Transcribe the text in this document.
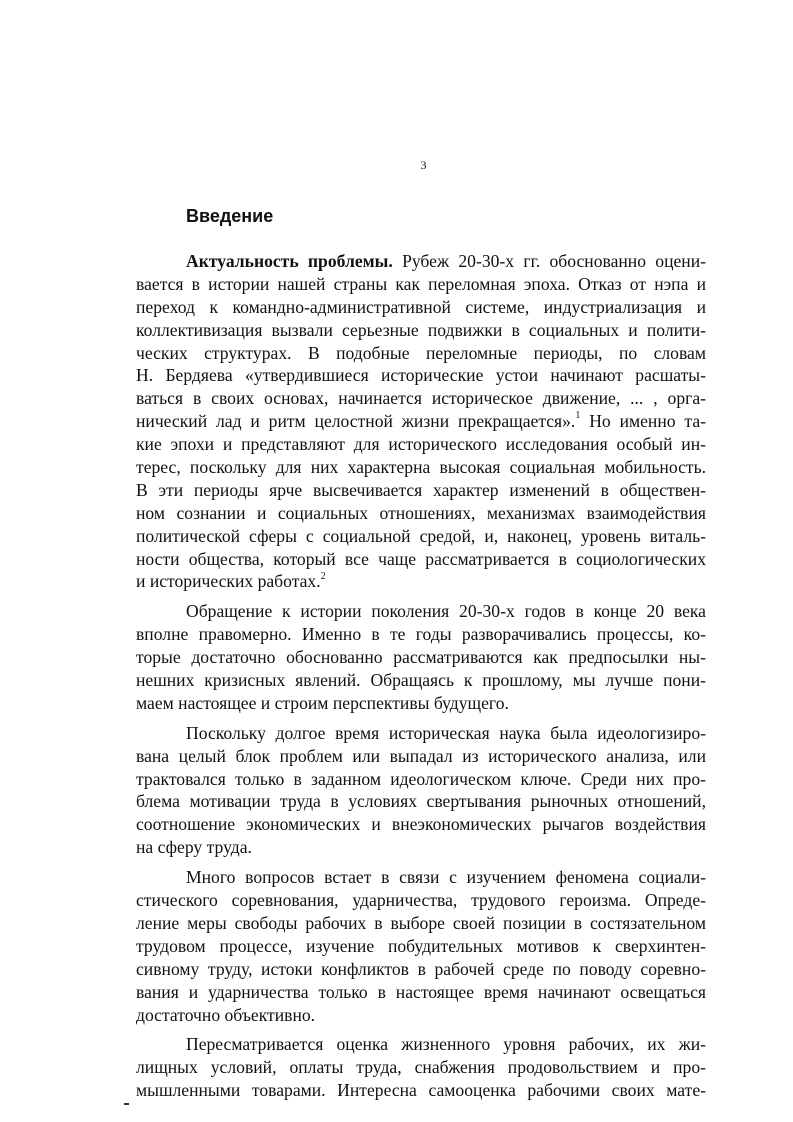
3
Введение
Актуальность проблемы. Рубеж 20-30-х гг. обоснованно оцени-
вается в истории нашей страны как переломная эпоха. Отказ от нэпа и
переход к командно-административной системе, индустриализация и
коллективизация вызвали серьезные подвижки в социальных и полити-
ческих структурах. В подобные переломные периоды, по словам
Н. Бердяева «утвердившиеся исторические устои начинают расшаты-
ваться в своих основах, начинается историческое движение, ... , орга-
нический лад и ритм целостной жизни прекращается».$^1$ Но именно та-
кие эпохи и представляют для исторического исследования особый ин-
терес, поскольку для них характерна высокая социальная мобильность.
В эти периоды ярче высвечивается характер изменений в обществен-
ном сознании и социальных отношениях, механизмах взаимодействия
политической сферы с социальной средой, и, наконец, уровень виталь-
ности общества, который все чаще рассматривается в социологических
и исторических работах.$^2$
Обращение к истории поколения 20-30-х годов в конце 20 века
вполне правомерно. Именно в те годы разворачивались процессы, ко-
торые достаточно обоснованно рассматриваются как предпосылки ны-
нешних кризисных явлений. Обращаясь к прошлому, мы лучше пони-
маем настоящее и строим перспективы будущего.
Поскольку долгое время историческая наука была идеологизиро-
вана целый блок проблем или выпадал из исторического анализа, или
трактовался только в заданном идеологическом ключе. Среди них про-
блема мотивации труда в условиях свертывания рыночных отношений,
соотношение экономических и внеэкономических рычагов воздействия
на сферу труда.
Много вопросов встает в связи с изучением феномена социали-
стического соревнования, ударничества, трудового героизма. Опреде-
ление меры свободы рабочих в выборе своей позиции в состязательном
трудовом процессе, изучение побудительных мотивов к сверхинтен-
сивному труду, истоки конфликтов в рабочей среде по поводу соревно-
вания и ударничества только в настоящее время начинают освещаться
достаточно объективно.
Пересматривается оценка жизненного уровня рабочих, их жи-
лищных условий, оплаты труда, снабжения продовольствием и про-
мышленными товарами. Интересна самооценка рабочими своих мате-
